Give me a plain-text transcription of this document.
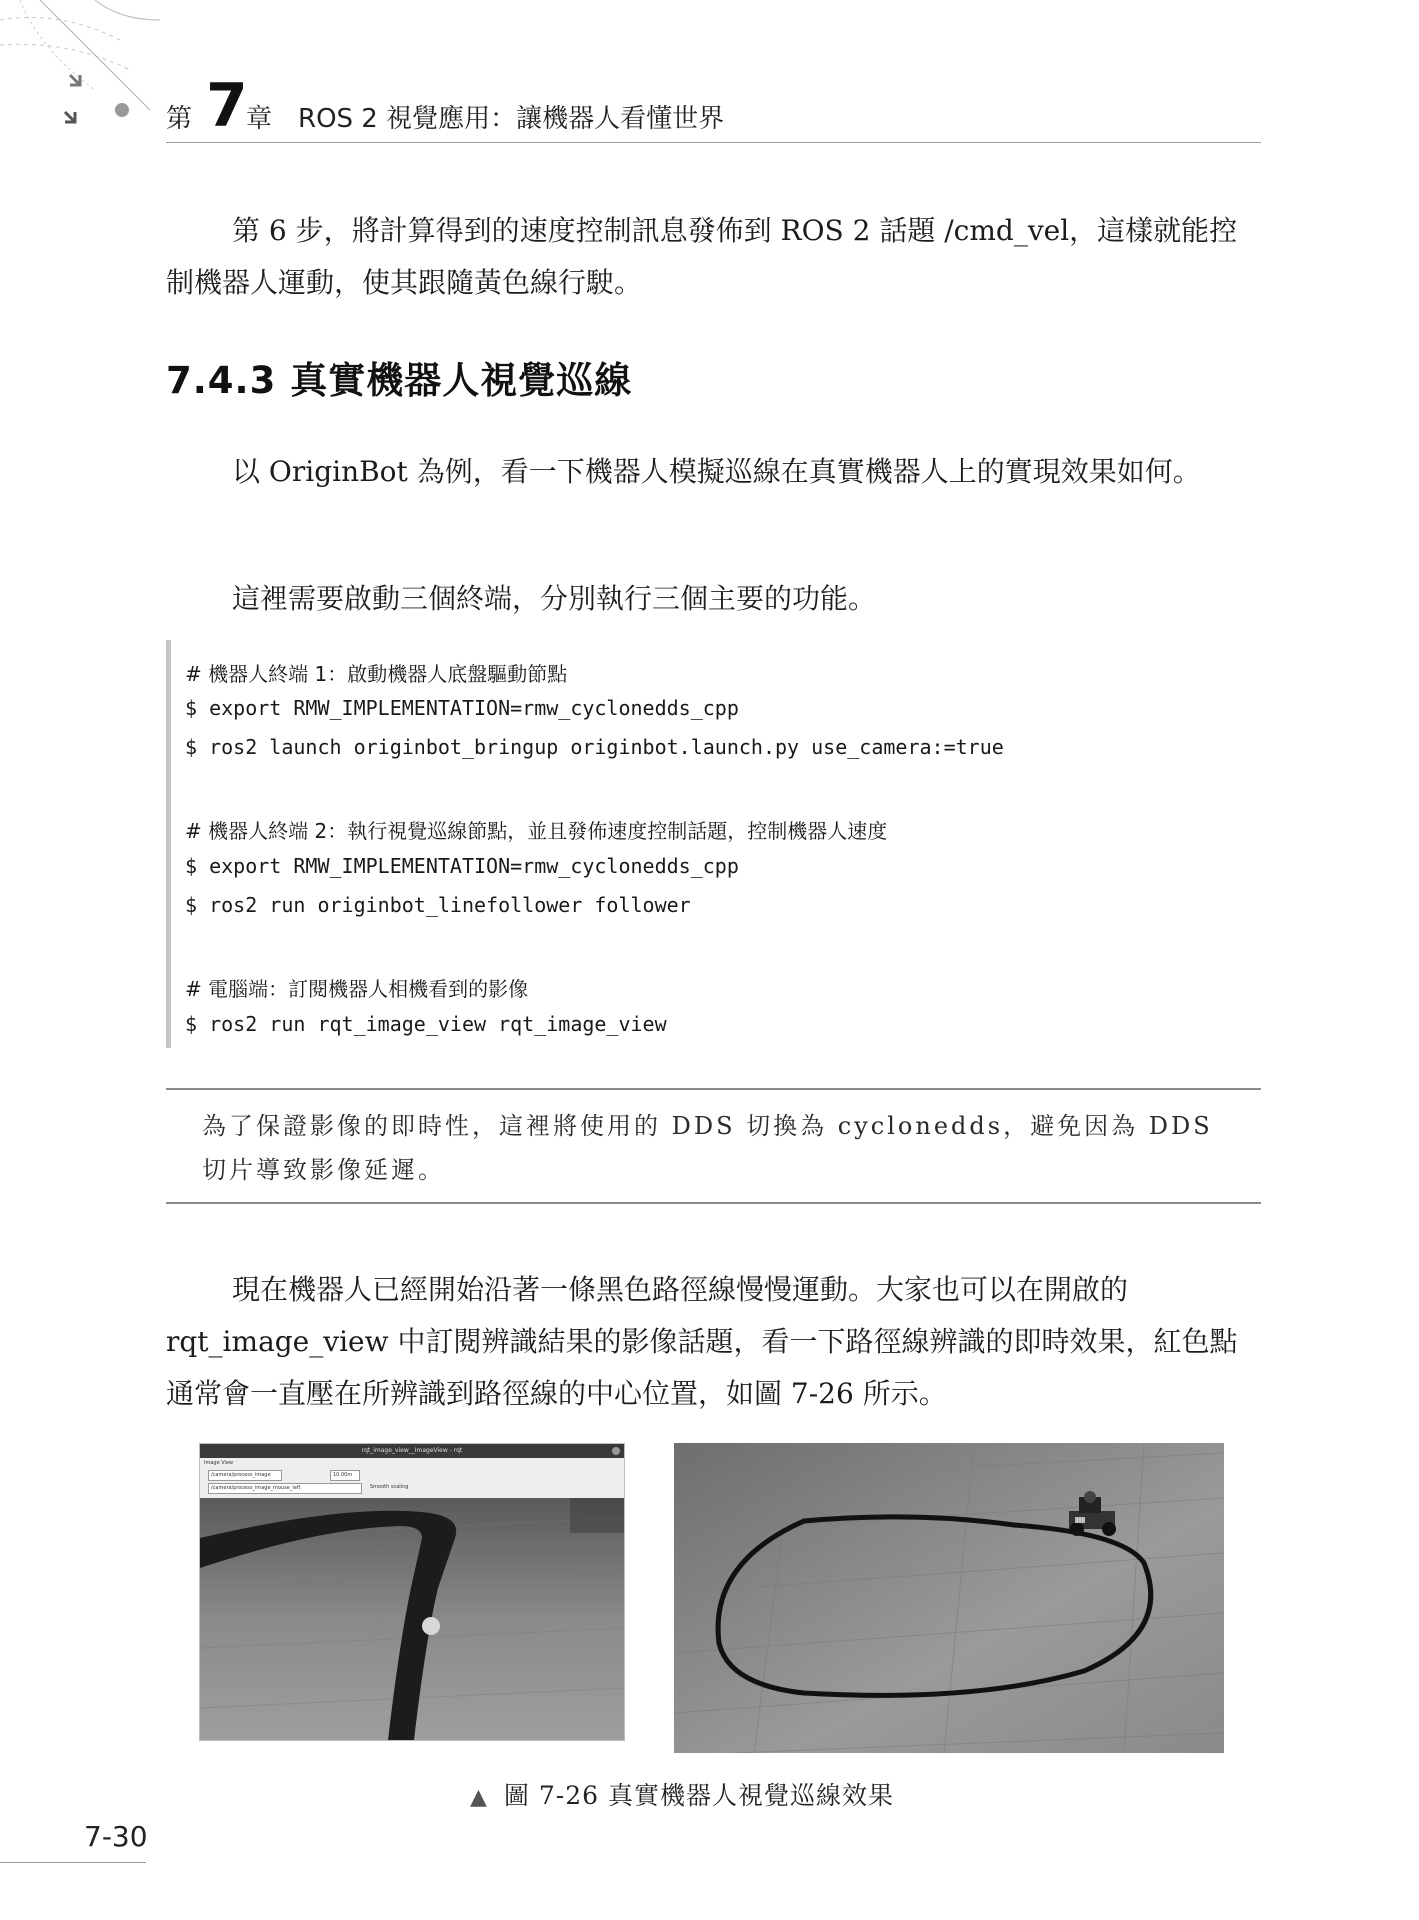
第 7
章 ROS 2 視覺應用：讓機器人看懂世界

第 6 步，將計算得到的速度控制訊息發佈到 ROS 2 話題 /cmd_vel，這樣就能控制機器人運動，使其跟隨黃色線行駛。

7.4.3 真實機器人視覺巡線

以 OriginBot 為例，看一下機器人模擬巡線在真實機器人上的實現效果如何。

這裡需要啟動三個終端，分別執行三個主要的功能。

# 機器人終端 1：啟動機器人底盤驅動節點
$ export RMW_IMPLEMENTATION=rmw_cyclonedds_cpp
$ ros2 launch originbot_bringup originbot.launch.py use_camera:=true
# 機器人終端 2：執行視覺巡線節點，並且發佈速度控制話題，控制機器人速度
$ export RMW_IMPLEMENTATION=rmw_cyclonedds_cpp
$ ros2 run originbot_linefollower follower
# 電腦端：訂閱機器人相機看到的影像
$ ros2 run rqt_image_view rqt_image_view

為了保證影像的即時性，這裡將使用的 DDS 切換為 cyclonedds，避免因為 DDS 切片導致影像延遲。

現在機器人已經開始沿著一條黑色路徑線慢慢運動。大家也可以在開啟的 rqt_image_view 中訂閱辨識結果的影像話題，看一下路徑線辨識的即時效果，紅色點通常會一直壓在所辨識到路徑線的中心位置，如圖 7-26 所示。

rqt_image_view__ImageView - rqt
Image View
/camera/process_image	10.00m
/camera/process_image_mouse_left	Smooth scaling

▲ 圖 7-26 真實機器人視覺巡線效果

7-30
